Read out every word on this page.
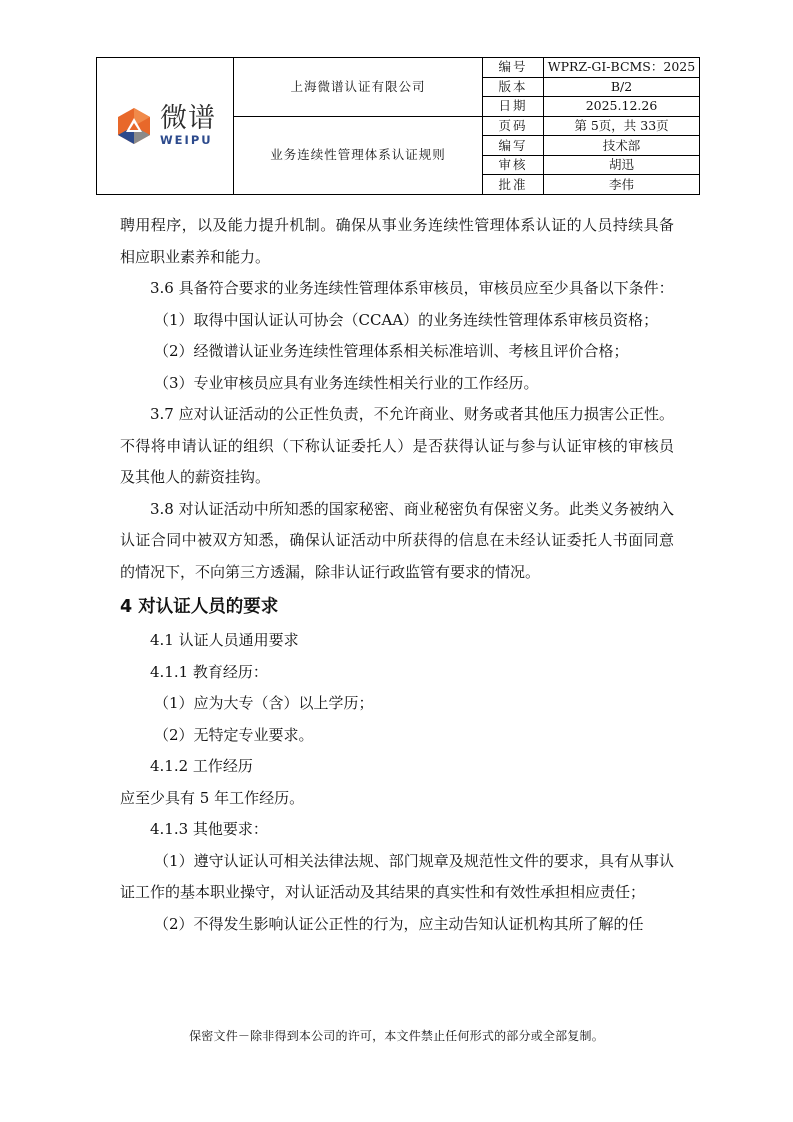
微谱
WEIPU	上海微谱认证有限公司	编号	WPRZ-GI-BCMS：2025
		版本	B/2
		日期	2025.12.26
	业务连续性管理体系认证规则	页码	第 5页，共 33页
		编写	技术部
		审核	胡迅
		批准	李伟

聘用程序，以及能力提升机制。确保从事业务连续性管理体系认证的人员持续具备相应职业素养和能力。

3.6 具备符合要求的业务连续性管理体系审核员，审核员应至少具备以下条件：

（1）取得中国认证认可协会（CCAA）的业务连续性管理体系审核员资格；

（2）经微谱认证业务连续性管理体系相关标准培训、考核且评价合格；

（3）专业审核员应具有业务连续性相关行业的工作经历。

3.7 应对认证活动的公正性负责，不允许商业、财务或者其他压力损害公正性。不得将申请认证的组织（下称认证委托人）是否获得认证与参与认证审核的审核员及其他人的薪资挂钩。

3.8 对认证活动中所知悉的国家秘密、商业秘密负有保密义务。此类义务被纳入认证合同中被双方知悉，确保认证活动中所获得的信息在未经认证委托人书面同意的情况下，不向第三方透漏，除非认证行政监管有要求的情况。

4 对认证人员的要求

4.1 认证人员通用要求

4.1.1 教育经历：

（1）应为大专（含）以上学历；

（2）无特定专业要求。

4.1.2 工作经历

应至少具有 5 年工作经历。

4.1.3 其他要求：

（1）遵守认证认可相关法律法规、部门规章及规范性文件的要求，具有从事认证工作的基本职业操守，对认证活动及其结果的真实性和有效性承担相应责任；

（2）不得发生影响认证公正性的行为，应主动告知认证机构其所了解的任

保密文件－除非得到本公司的许可，本文件禁止任何形式的部分或全部复制。
